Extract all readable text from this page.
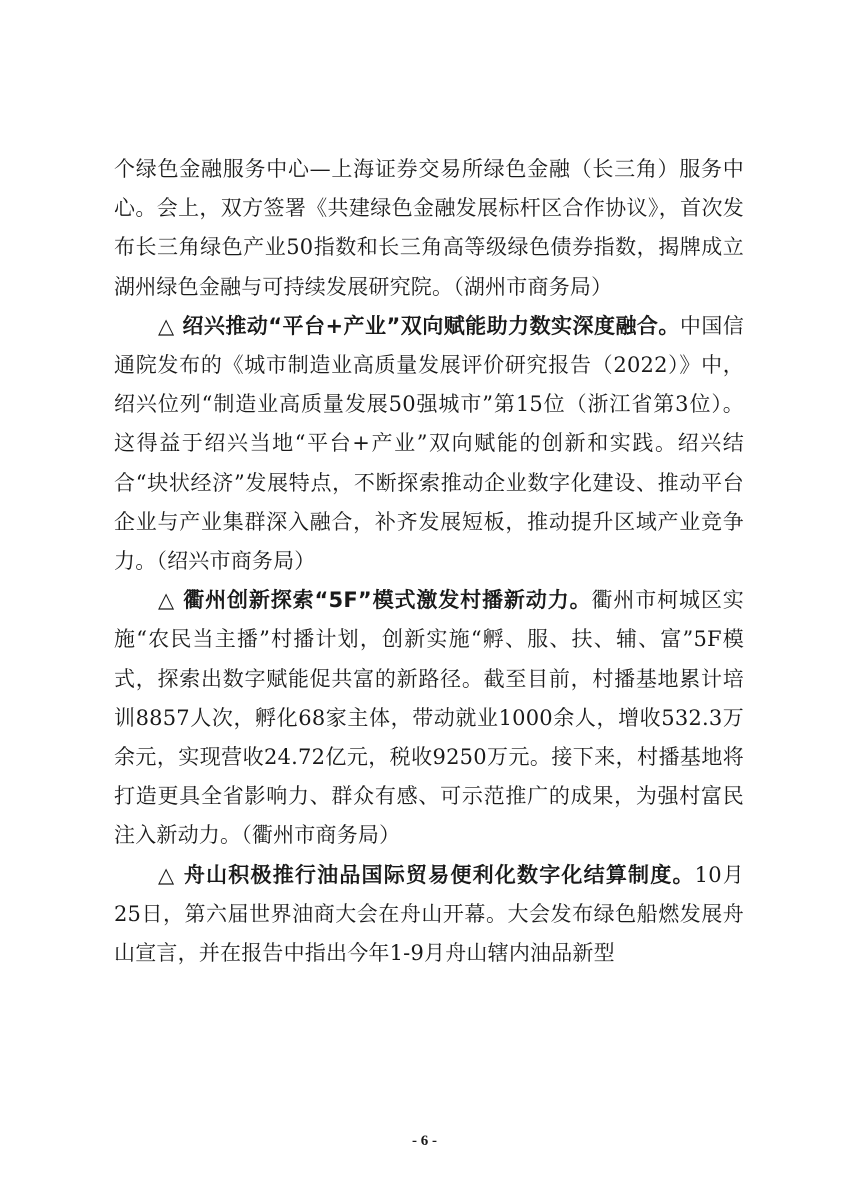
个绿色金融服务中心—上海证券交易所绿色金融（长三角）服务中心。会上，双方签署《共建绿色金融发展标杆区合作协议》，首次发布长三角绿色产业50指数和长三角高等级绿色债券指数，揭牌成立湖州绿色金融与可持续发展研究院。（湖州市商务局）

△ 绍兴推动“平台+产业”双向赋能助力数实深度融合。中国信通院发布的《城市制造业高质量发展评价研究报告（2022）》中，绍兴位列“制造业高质量发展50强城市”第15位（浙江省第3位）。这得益于绍兴当地“平台+产业”双向赋能的创新和实践。绍兴结合“块状经济”发展特点，不断探索推动企业数字化建设、推动平台企业与产业集群深入融合，补齐发展短板，推动提升区域产业竞争力。（绍兴市商务局）

△ 衢州创新探索“5F”模式激发村播新动力。衢州市柯城区实施“农民当主播”村播计划，创新实施“孵、服、扶、辅、富”5F模式，探索出数字赋能促共富的新路径。截至目前，村播基地累计培训8857人次，孵化68家主体，带动就业1000余人，增收532.3万余元，实现营收24.72亿元，税收9250万元。接下来，村播基地将打造更具全省影响力、群众有感、可示范推广的成果，为强村富民注入新动力。（衢州市商务局）

△ 舟山积极推行油品国际贸易便利化数字化结算制度。10月25日，第六届世界油商大会在舟山开幕。大会发布绿色船燃发展舟山宣言，并在报告中指出今年1-9月舟山辖内油品新型

- 6 -
